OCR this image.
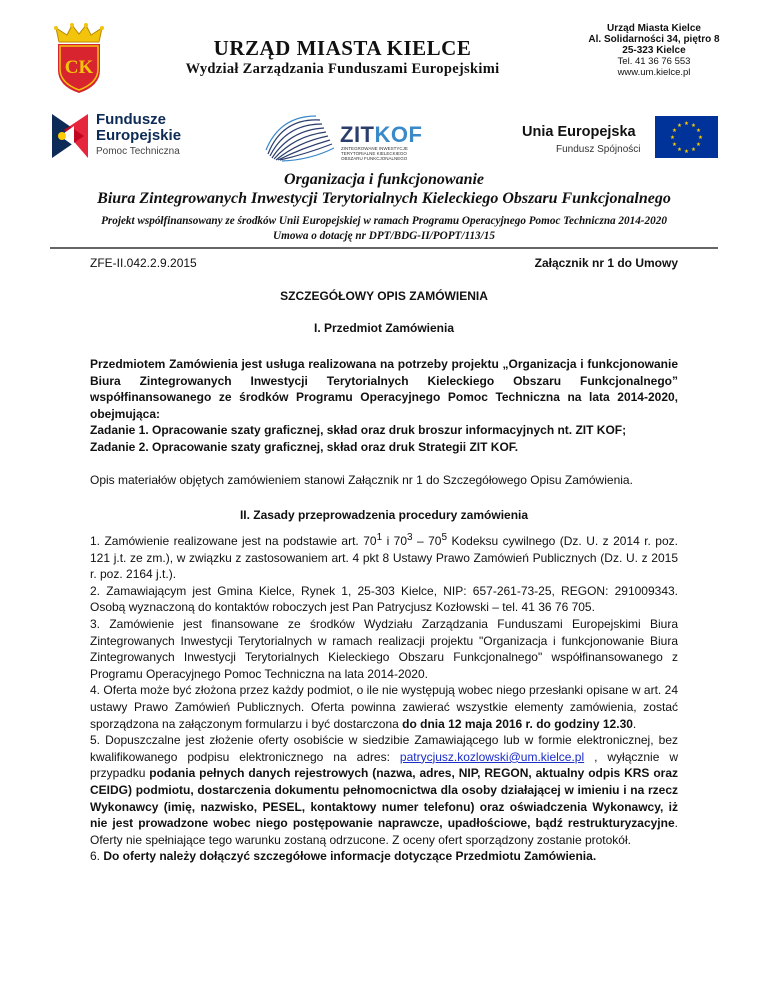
CK
URZĄD MIASTA KIELCE
Wydział Zarządzania Funduszami Europejskimi
Urząd Miasta Kielce
Al. Solidarności 34, piętro 8
25-323 Kielce
Tel. 41 36 76 553
www.um.kielce.pl
Fundusze
Europejskie
Pomoc Techniczna
ZITKOF
ZINTEGROWANE INWESTYCJE TERYTORIALNE KIELECKIEGO OBSZARU FUNKCJONALNEGO
Unia Europejska
Fundusz Spójności
★ ★
★
★
★
★
★
★
★
★
★
★
Organizacja i funkcjonowanie
Biura Zintegrowanych Inwestycji Terytorialnych Kieleckiego Obszaru Funkcjonalnego
Projekt współfinansowany ze środków Unii Europejskiej w ramach Programu Operacyjnego Pomoc Techniczna 2014-2020
Umowa o dotację nr DPT/BDG-II/POPT/113/15
ZFE-II.042.2.9.2015	Załącznik nr 1 do Umowy
SZCZEGÓŁOWY OPIS ZAMÓWIENIA
I. Przedmiot Zamówienia
Przedmiotem Zamówienia jest usługa realizowana na potrzeby projektu „Organizacja i funkcjonowanie Biura Zintegrowanych Inwestycji Terytorialnych Kieleckiego Obszaru Funkcjonalnego” współfinansowanego ze środków Programu Operacyjnego Pomoc Techniczna na lata 2014-2020, obejmująca:
Zadanie 1. Opracowanie szaty graficznej, skład oraz druk broszur informacyjnych nt. ZIT KOF;
Zadanie 2. Opracowanie szaty graficznej, skład oraz druk Strategii ZIT KOF.
Opis materiałów objętych zamówieniem stanowi Załącznik nr 1 do Szczegółowego Opisu Zamówienia.
II. Zasady przeprowadzenia procedury zamówienia
1. Zamówienie realizowane jest na podstawie art. $70^1$ i $70^3 - 70^5$ Kodeksu cywilnego (Dz. U. z 2014 r. poz. 121 j.t. ze zm.), w związku z zastosowaniem art. 4 pkt 8 Ustawy Prawo Zamówień Publicznych (Dz. U. z 2015 r. poz. 2164 j.t.).
2. Zamawiającym jest Gmina Kielce, Rynek 1, 25-303 Kielce, NIP: 657-261-73-25, REGON: 291009343. Osobą wyznaczoną do kontaktów roboczych jest Pan Patrycjusz Kozłowski – tel. 41 36 76 705.
3. Zamówienie jest finansowane ze środków Wydziału Zarządzania Funduszami Europejskimi Biura Zintegrowanych Inwestycji Terytorialnych w ramach realizacji projektu "Organizacja i funkcjonowanie Biura Zintegrowanych Inwestycji Terytorialnych Kieleckiego Obszaru Funkcjonalnego" współfinansowanego z Programu Operacyjnego Pomoc Techniczna na lata 2014-2020.
4. Oferta może być złożona przez każdy podmiot, o ile nie występują wobec niego przesłanki opisane w art. 24 ustawy Prawo Zamówień Publicznych. Oferta powinna zawierać wszystkie elementy zamówienia, zostać sporządzona na załączonym formularzu i być dostarczona do dnia 12 maja 2016 r. do godziny 12.30.
5. Dopuszczalne jest złożenie oferty osobiście w siedzibie Zamawiającego lub w formie elektronicznej, bez kwalifikowanego podpisu elektronicznego na adres: patrycjusz.kozlowski@um.kielce.pl , wyłącznie w przypadku podania pełnych danych rejestrowych (nazwa, adres, NIP, REGON, aktualny odpis KRS oraz CEIDG) podmiotu, dostarczenia dokumentu pełnomocnictwa dla osoby działającej w imieniu i na rzecz Wykonawcy (imię, nazwisko, PESEL, kontaktowy numer telefonu) oraz oświadczenia Wykonawcy, iż nie jest prowadzone wobec niego postępowanie naprawcze, upadłościowe, bądź restrukturyzacyjne. Oferty nie spełniające tego warunku zostaną odrzucone. Z oceny ofert sporządzony zostanie protokół.
6. Do oferty należy dołączyć szczegółowe informacje dotyczące Przedmiotu Zamówienia.
